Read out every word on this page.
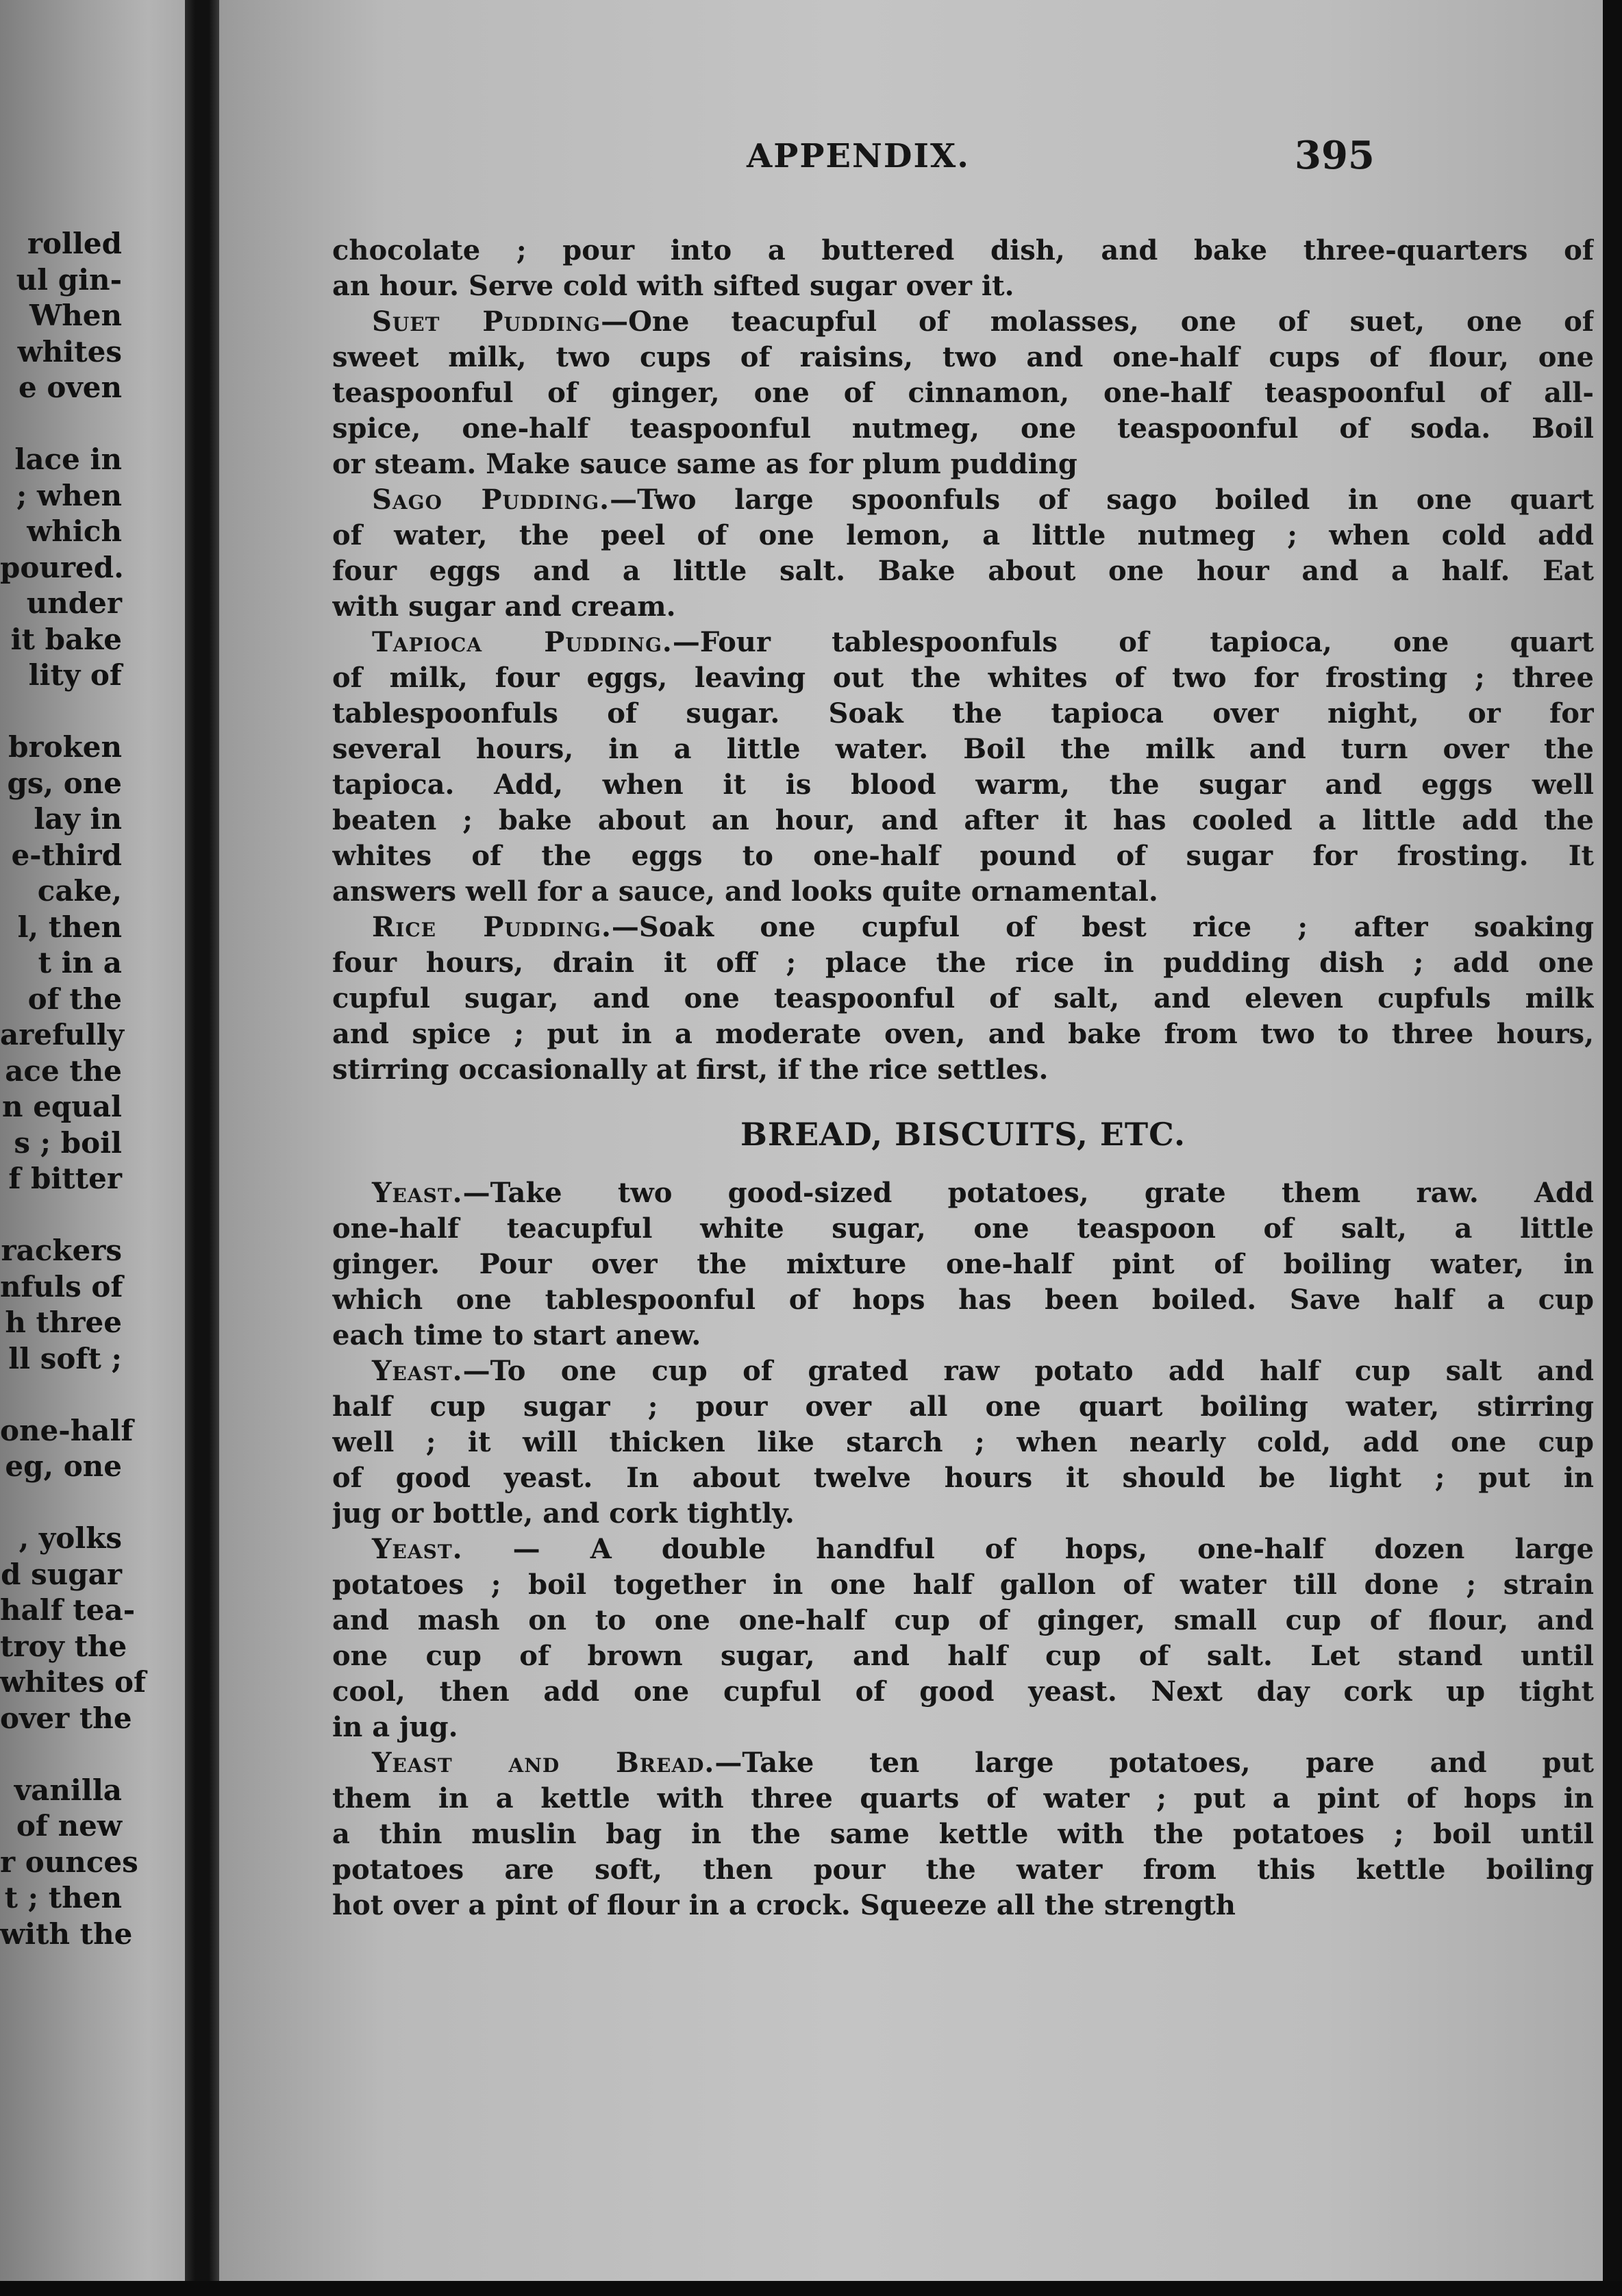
rolled
ul gin-
When
whites
e oven
lace in
; when
which
poured.
under
it bake
lity of
broken
gs, one
lay in
e-third
cake,
l, then
t in a
of the
arefully
ace the
n equal
s ; boil
f bitter
rackers
nfuls of
h three
ll soft ;
one-half
eg, one
, yolks
d sugar
half tea-
troy the
whites of
over the
vanilla
of new
r ounces
t ; then
with the
APPENDIX.	395
chocolate ; pour into a buttered dish, and bake three-quarters of
an hour. Serve cold with sifted sugar over it.
Suet Pudding—One teacupful of molasses, one of suet, one of
sweet milk, two cups of raisins, two and one-half cups of flour, one
teaspoonful of ginger, one of cinnamon, one-half teaspoonful of all-
spice, one-half teaspoonful nutmeg, one teaspoonful of soda. Boil
or steam. Make sauce same as for plum pudding
Sago Pudding.—Two large spoonfuls of sago boiled in one quart
of water, the peel of one lemon, a little nutmeg ; when cold add
four eggs and a little salt. Bake about one hour and a half. Eat
with sugar and cream.
Tapioca Pudding.—Four tablespoonfuls of tapioca, one quart
of milk, four eggs, leaving out the whites of two for frosting ; three
tablespoonfuls of sugar. Soak the tapioca over night, or for
several hours, in a little water. Boil the milk and turn over the
tapioca. Add, when it is blood warm, the sugar and eggs well
beaten ; bake about an hour, and after it has cooled a little add the
whites of the eggs to one-half pound of sugar for frosting. It
answers well for a sauce, and looks quite ornamental.
Rice Pudding.—Soak one cupful of best rice ; after soaking
four hours, drain it off ; place the rice in pudding dish ; add one
cupful sugar, and one teaspoonful of salt, and eleven cupfuls milk
and spice ; put in a moderate oven, and bake from two to three hours,
stirring occasionally at first, if the rice settles.
BREAD, BISCUITS, ETC.
Yeast.—Take two good-sized potatoes, grate them raw. Add
one-half teacupful white sugar, one teaspoon of salt, a little
ginger. Pour over the mixture one-half pint of boiling water, in
which one tablespoonful of hops has been boiled. Save half a cup
each time to start anew.
Yeast.—To one cup of grated raw potato add half cup salt and
half cup sugar ; pour over all one quart boiling water, stirring
well ; it will thicken like starch ; when nearly cold, add one cup
of good yeast. In about twelve hours it should be light ; put in
jug or bottle, and cork tightly.
Yeast. — A double handful of hops, one-half dozen large
potatoes ; boil together in one half gallon of water till done ; strain
and mash on to one one-half cup of ginger, small cup of flour, and
one cup of brown sugar, and half cup of salt. Let stand until
cool, then add one cupful of good yeast. Next day cork up tight
in a jug.
Yeast and Bread.—Take ten large potatoes, pare and put
them in a kettle with three quarts of water ; put a pint of hops in
a thin muslin bag in the same kettle with the potatoes ; boil until
potatoes are soft, then pour the water from this kettle boiling
hot over a pint of flour in a crock. Squeeze all the strength
